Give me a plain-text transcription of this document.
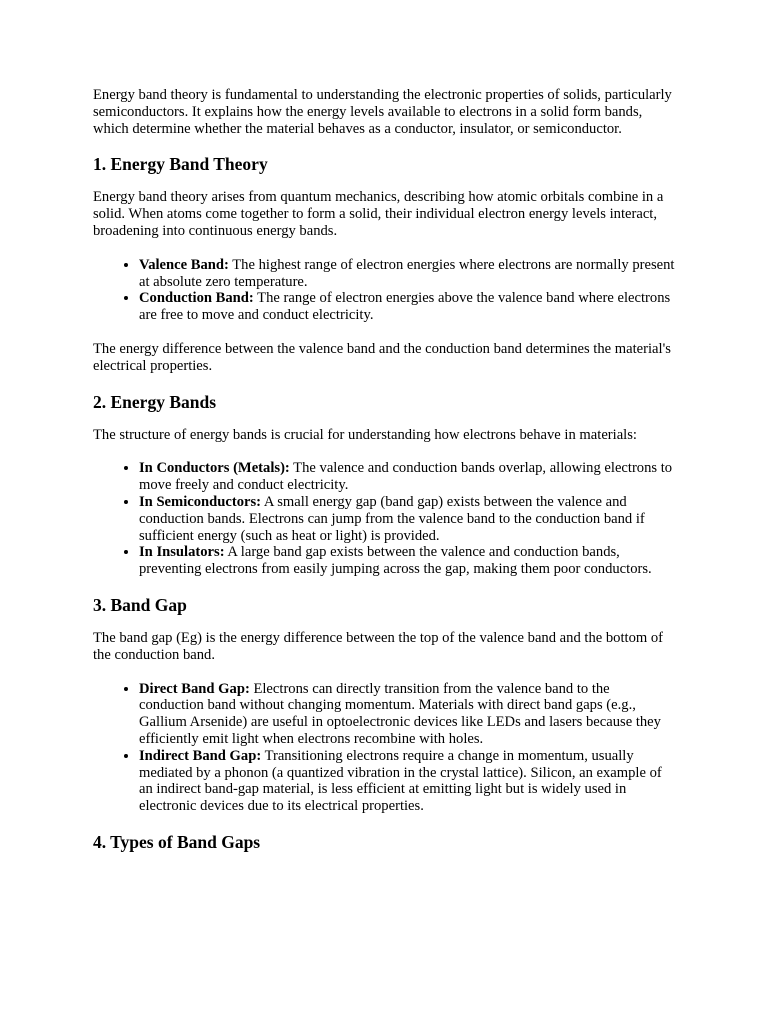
Energy band theory is fundamental to understanding the electronic properties of solids, particularly semiconductors. It explains how the energy levels available to electrons in a solid form bands, which determine whether the material behaves as a conductor, insulator, or semiconductor.

1. Energy Band Theory

Energy band theory arises from quantum mechanics, describing how atomic orbitals combine in a solid. When atoms come together to form a solid, their individual electron energy levels interact, broadening into continuous energy bands.

• Valence Band: The highest range of electron energies where electrons are normally present at absolute zero temperature.
• Conduction Band: The range of electron energies above the valence band where electrons are free to move and conduct electricity.

The energy difference between the valence band and the conduction band determines the material's electrical properties.

2. Energy Bands

The structure of energy bands is crucial for understanding how electrons behave in materials:

• In Conductors (Metals): The valence and conduction bands overlap, allowing electrons to move freely and conduct electricity.
• In Semiconductors: A small energy gap (band gap) exists between the valence and conduction bands. Electrons can jump from the valence band to the conduction band if sufficient energy (such as heat or light) is provided.
• In Insulators: A large band gap exists between the valence and conduction bands, preventing electrons from easily jumping across the gap, making them poor conductors.
3. Band Gap

The band gap (Eg) is the energy difference between the top of the valence band and the bottom of the conduction band.

• Direct Band Gap: Electrons can directly transition from the valence band to the conduction band without changing momentum. Materials with direct band gaps (e.g., Gallium Arsenide) are useful in optoelectronic devices like LEDs and lasers because they efficiently emit light when electrons recombine with holes.
• Indirect Band Gap: Transitioning electrons require a change in momentum, usually mediated by a phonon (a quantized vibration in the crystal lattice). Silicon, an example of an indirect band-gap material, is less efficient at emitting light but is widely used in electronic devices due to its electrical properties.
4. Types of Band Gaps
